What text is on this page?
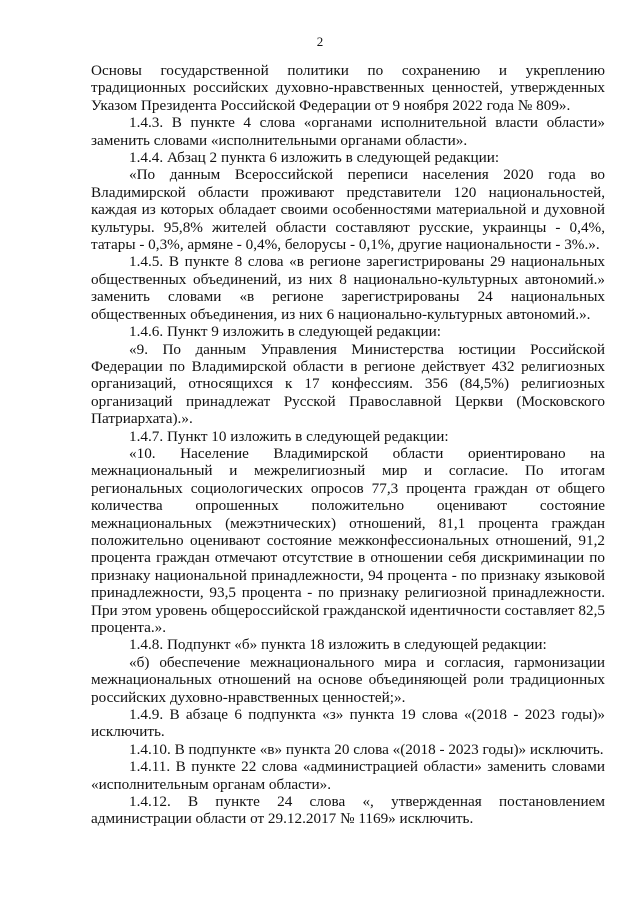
2

Основы государственной политики по сохранению и укреплению традиционных российских духовно-нравственных ценностей, утвержденных Указом Президента Российской Федерации от 9 ноября 2022 года № 809».

1.4.3. В пункте 4 слова «органами исполнительной власти области» заменить словами «исполнительными органами области».

1.4.4. Абзац 2 пункта 6 изложить в следующей редакции:

«По данным Всероссийской переписи населения 2020 года во Владимирской области проживают представители 120 национальностей, каждая из которых обладает своими особенностями материальной и духовной культуры. 95,8% жителей области составляют русские, украинцы - 0,4%, татары - 0,3%, армяне - 0,4%, белорусы - 0,1%, другие национальности - 3%.».

1.4.5. В пункте 8 слова «в регионе зарегистрированы 29 национальных общественных объединений, из них 8 национально-культурных автономий.» заменить словами «в регионе зарегистрированы 24 национальных общественных объединения, из них 6 национально-культурных автономий.».

1.4.6. Пункт 9 изложить в следующей редакции:

«9. По данным Управления Министерства юстиции Российской Федерации по Владимирской области в регионе действует 432 религиозных организаций, относящихся к 17 конфессиям. 356 (84,5%) религиозных организаций принадлежат Русской Православной Церкви (Московского Патриархата).».

1.4.7. Пункт 10 изложить в следующей редакции:

«10. Население Владимирской области ориентировано на межнациональный и межрелигиозный мир и согласие. По итогам региональных социологических опросов 77,3 процента граждан от общего количества опрошенных положительно оценивают состояние межнациональных (межэтнических) отношений, 81,1 процента граждан положительно оценивают состояние межконфессиональных отношений, 91,2 процента граждан отмечают отсутствие в отношении себя дискриминации по признаку национальной принадлежности, 94 процента - по признаку языковой принадлежности, 93,5 процента - по признаку религиозной принадлежности. При этом уровень общероссийской гражданской идентичности составляет 82,5 процента.».

1.4.8. Подпункт «б» пункта 18 изложить в следующей редакции:

«б) обеспечение межнационального мира и согласия, гармонизации межнациональных отношений на основе объединяющей роли традиционных российских духовно-нравственных ценностей;».

1.4.9. В абзаце 6 подпункта «з» пункта 19 слова «(2018 - 2023 годы)» исключить.

1.4.10. В подпункте «в» пункта 20 слова «(2018 - 2023 годы)» исключить.

1.4.11. В пункте 22 слова «администрацией области» заменить словами «исполнительным органам области».

1.4.12. В пункте 24 слова «, утвержденная постановлением администрации области от 29.12.2017 № 1169» исключить.
